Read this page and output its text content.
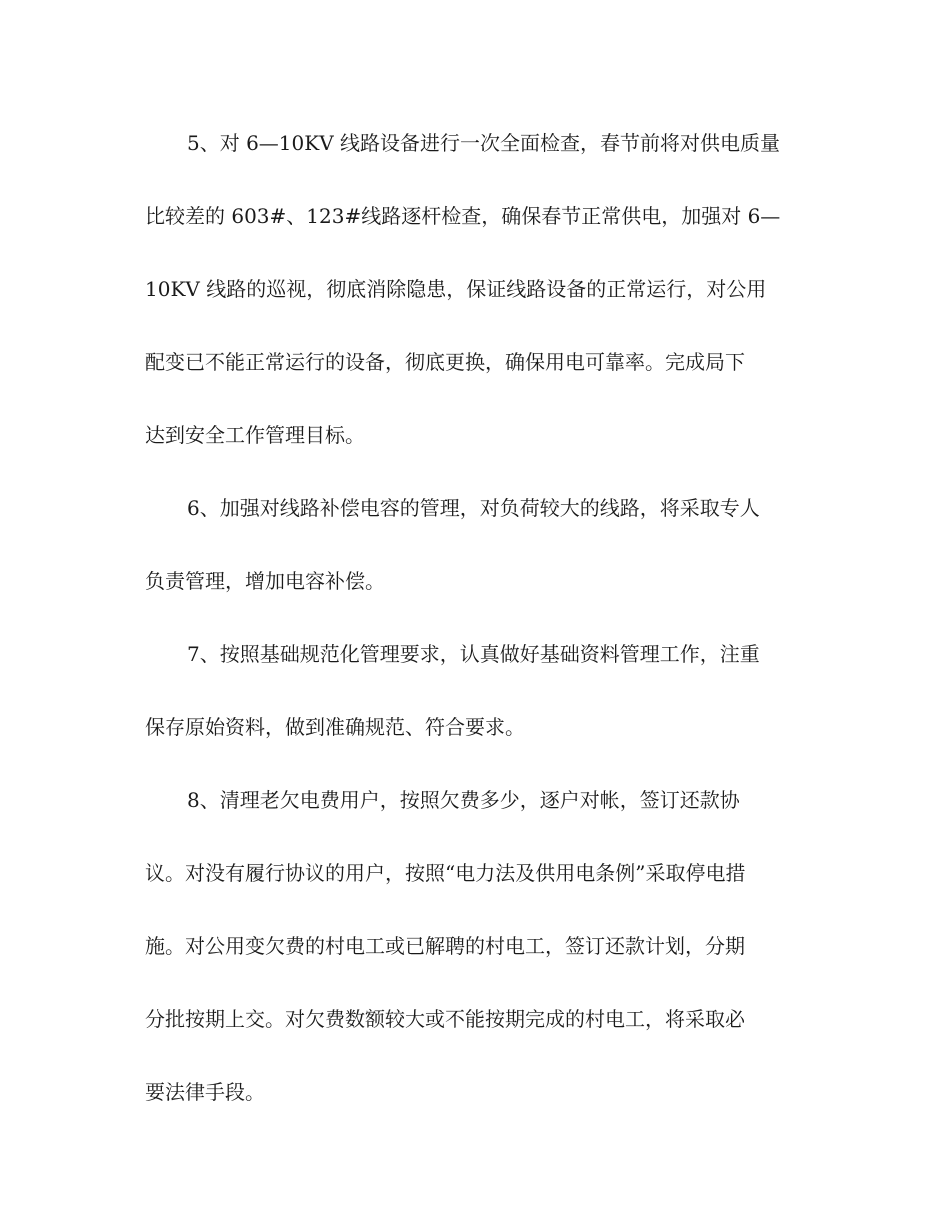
5、对 6—10KV 线路设备进行一次全面检查，春节前将对供电质量

比较差的 603#、123#线路逐杆检查，确保春节正常供电，加强对 6—

10KV 线路的巡视，彻底消除隐患，保证线路设备的正常运行，对公用

配变已不能正常运行的设备，彻底更换，确保用电可靠率。完成局下

达到安全工作管理目标。

6、加强对线路补偿电容的管理，对负荷较大的线路，将采取专人

负责管理，增加电容补偿。

7、按照基础规范化管理要求，认真做好基础资料管理工作，注重

保存原始资料，做到准确规范、符合要求。

8、清理老欠电费用户，按照欠费多少，逐户对帐，签订还款协

议。对没有履行协议的用户，按照“电力法及供用电条例”采取停电措

施。对公用变欠费的村电工或已解聘的村电工，签订还款计划，分期

分批按期上交。对欠费数额较大或不能按期完成的村电工，将采取必

要法律手段。
